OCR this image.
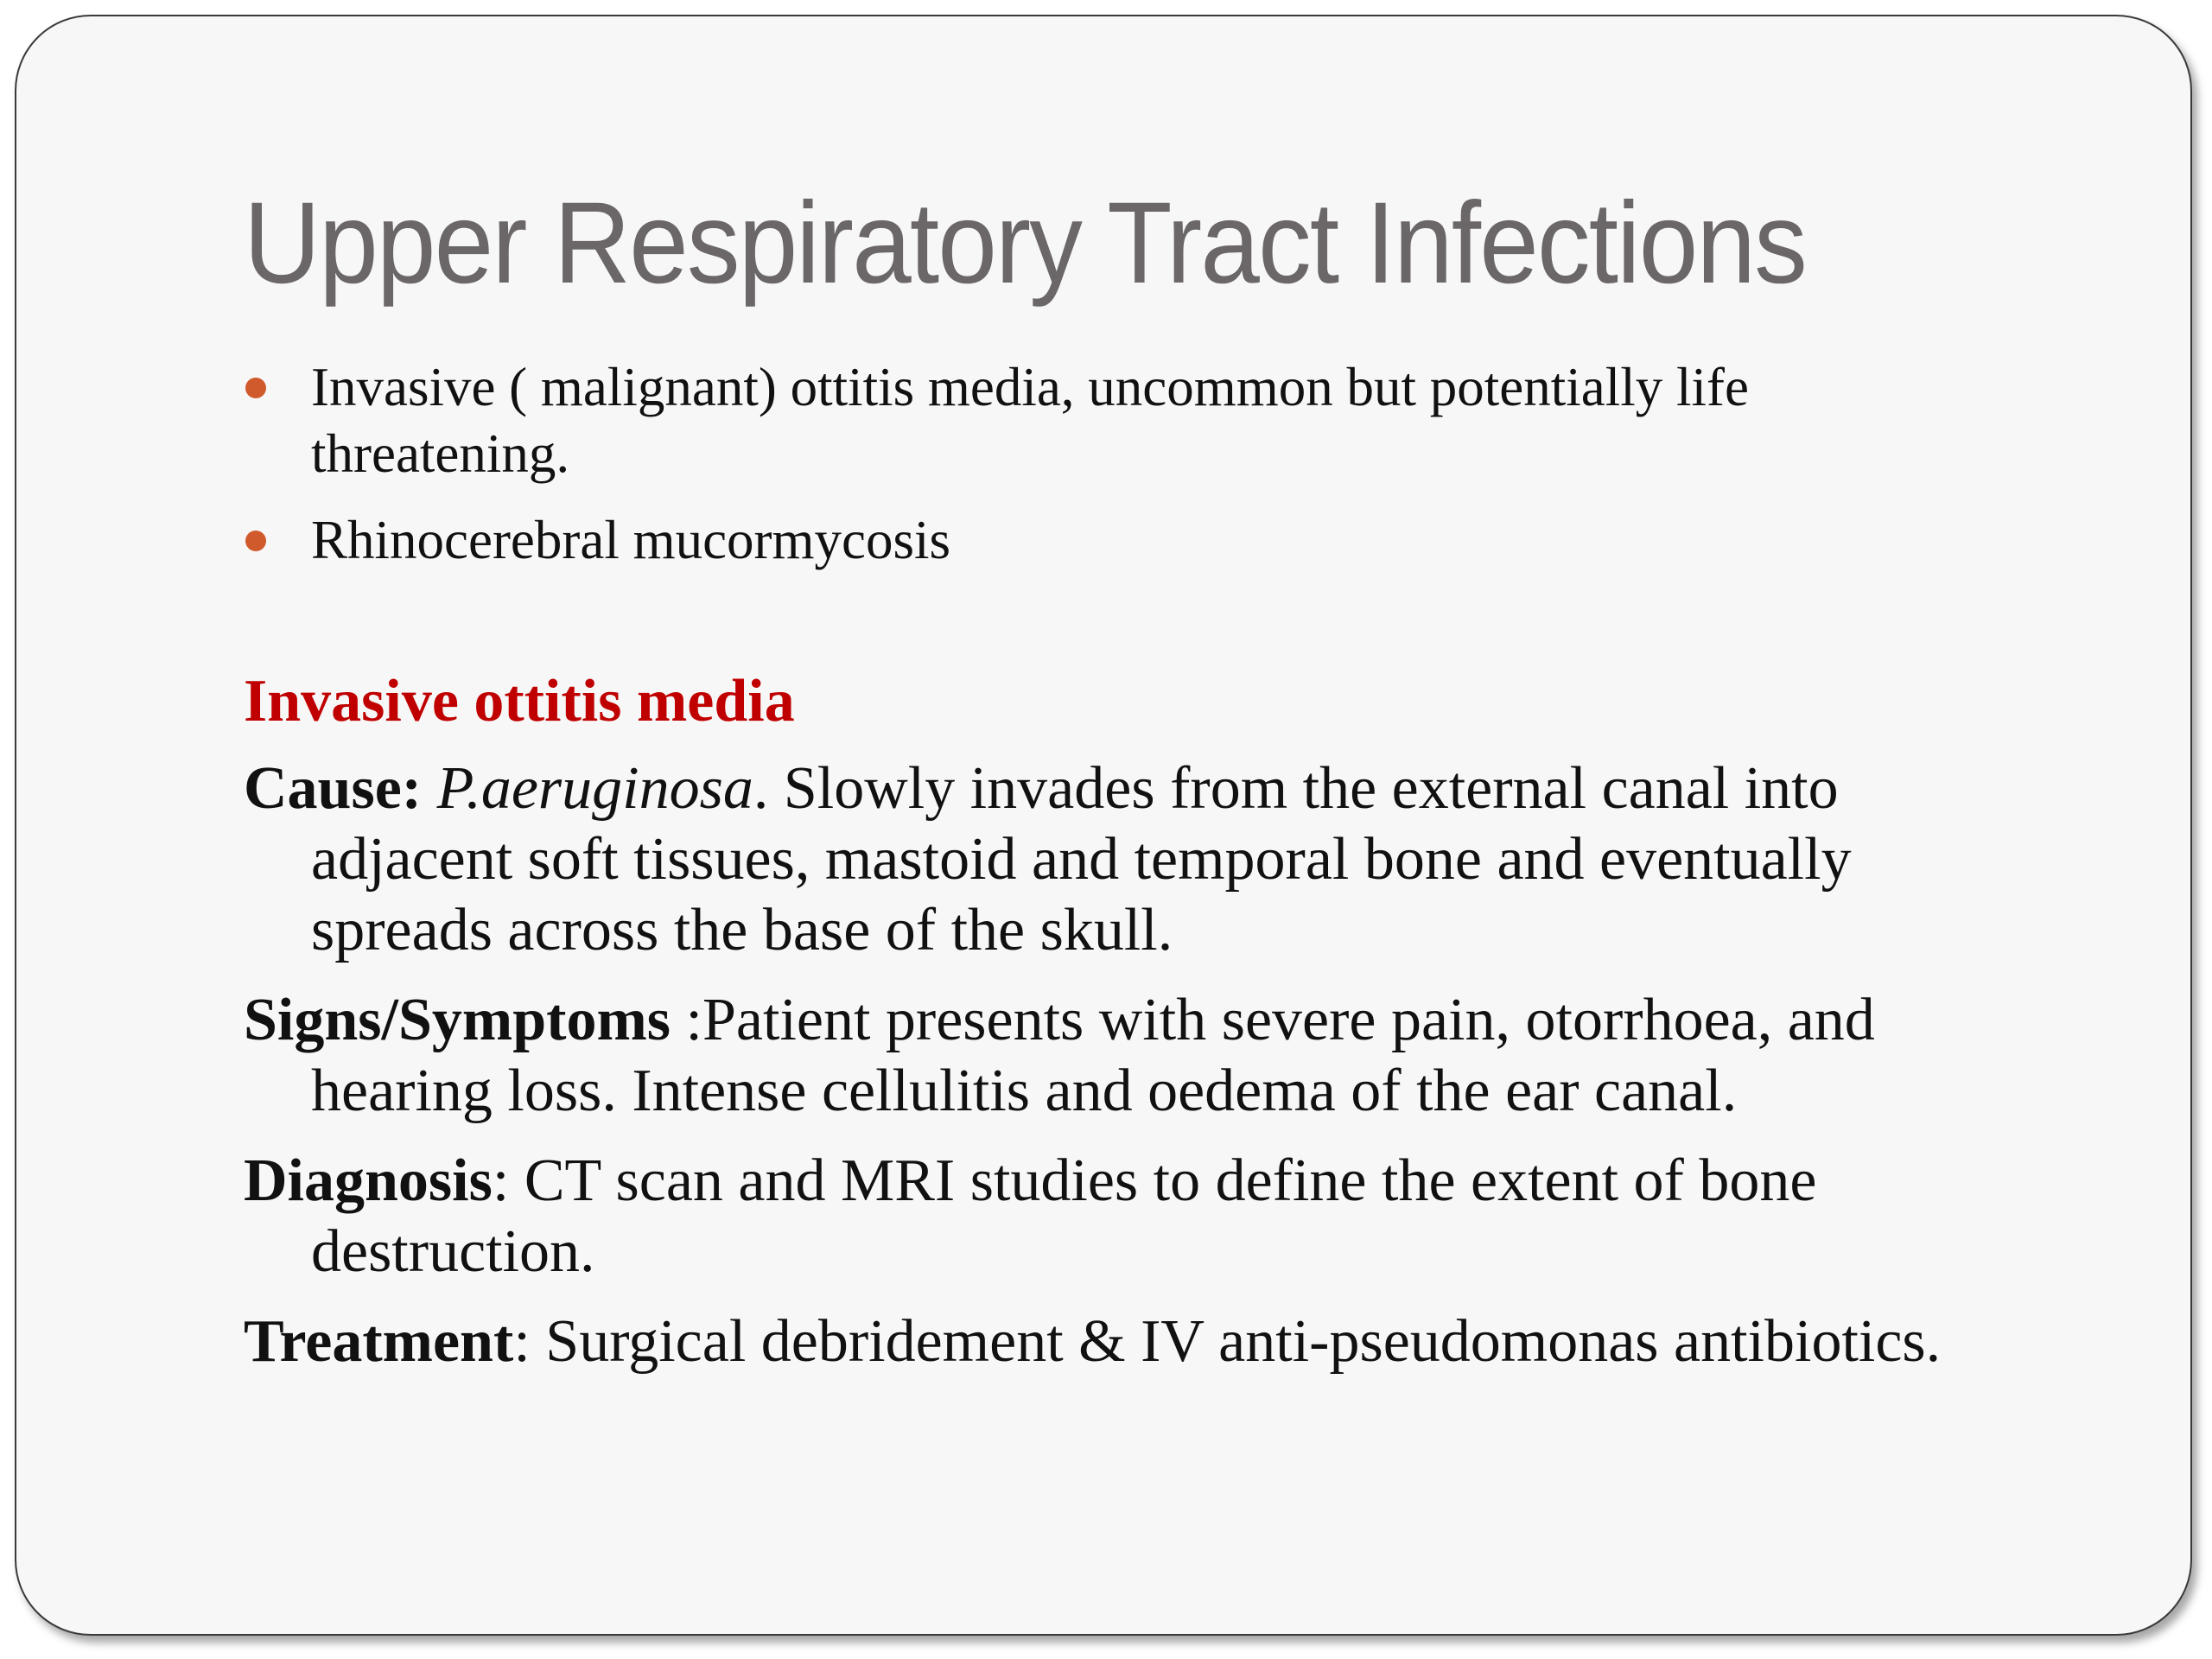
Upper Respiratory Tract Infections
Invasive ( malignant) ottitis media, uncommon but potentially life threatening.
Rhinocerebral mucormycosis
Invasive ottitis media

Cause: P.aeruginosa. Slowly invades from the external canal into adjacent soft tissues, mastoid and temporal bone and eventually spreads across the base of the skull.

Signs/Symptoms :Patient presents with severe pain, otorrhoea, and hearing loss. Intense cellulitis and oedema of the ear canal.

Diagnosis: CT scan and MRI studies to define the extent of bone destruction.

Treatment: Surgical debridement & IV anti-pseudomonas antibiotics.
